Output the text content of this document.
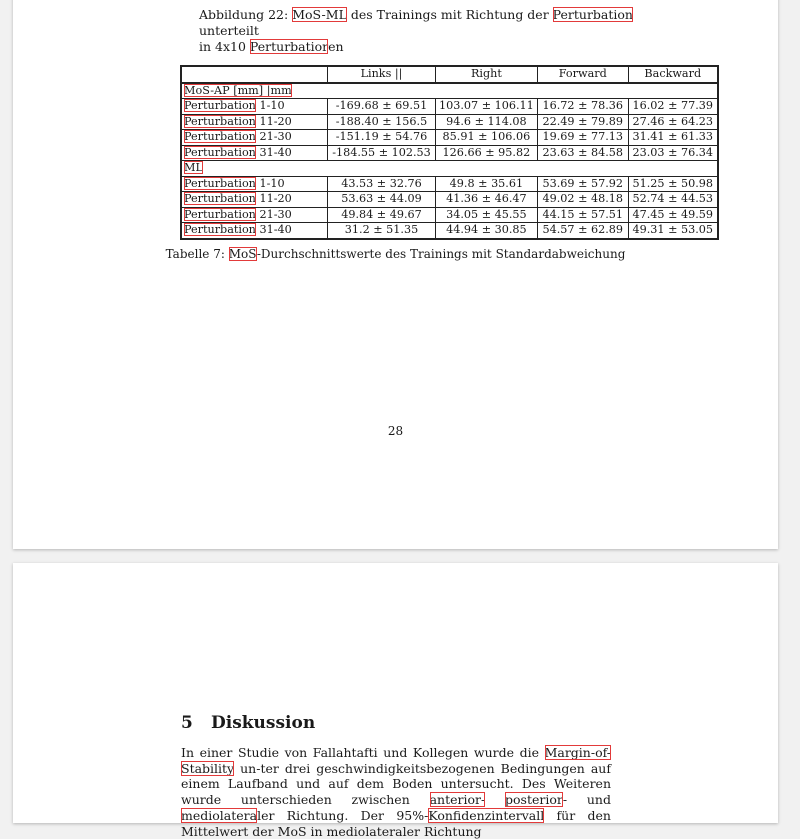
Abbildung 22: MoS-ML des Trainings mit Richtung der Perturbation unterteilt
in 4x10 Perturbatioren
	Links ||	Right	Forward	Backward
MoS-AP [mm] |mm				
Perturbation 1-10	-169.68 ± 69.51	103.07 ± 106.11	16.72 ± 78.36	16.02 ± 77.39
Perturbation 11-20	-188.40 ± 156.5	94.6 ± 114.08	22.49 ± 79.89	27.46 ± 64.23
Perturbation 21-30	-151.19 ± 54.76	85.91 ± 106.06	19.69 ± 77.13	31.41 ± 61.33
Perturbation 31-40	-184.55 ± 102.53	126.66 ± 95.82	23.63 ± 84.58	23.03 ± 76.34
ML				
Perturbation 1-10	43.53 ± 32.76	49.8 ± 35.61	53.69 ± 57.92	51.25 ± 50.98
Perturbation 11-20	53.63 ± 44.09	41.36 ± 46.47	49.02 ± 48.18	52.74 ± 44.53
Perturbation 21-30	49.84 ± 49.67	34.05 ± 45.55	44.15 ± 57.51	47.45 ± 49.59
Perturbation 31-40	31.2 ± 51.35	44.94 ± 30.85	54.57 ± 62.89	49.31 ± 53.05
Tabelle 7: MoS-Durchschnittswerte des Trainings mit Standardabweichung
28
5 Diskussion
In einer Studie von Fallahtafti und Kollegen wurde die Margin-of-Stability un-ter drei geschwindigkeitsbezogenen Bedingungen auf einem Laufband und auf dem Boden untersucht. Des Weiteren wurde unterschieden zwischen anterior- posterior- und mediolateraler Richtung. Der 95%-Konfidenzintervall für den Mittelwert der MoS in mediolateraler Richtung
